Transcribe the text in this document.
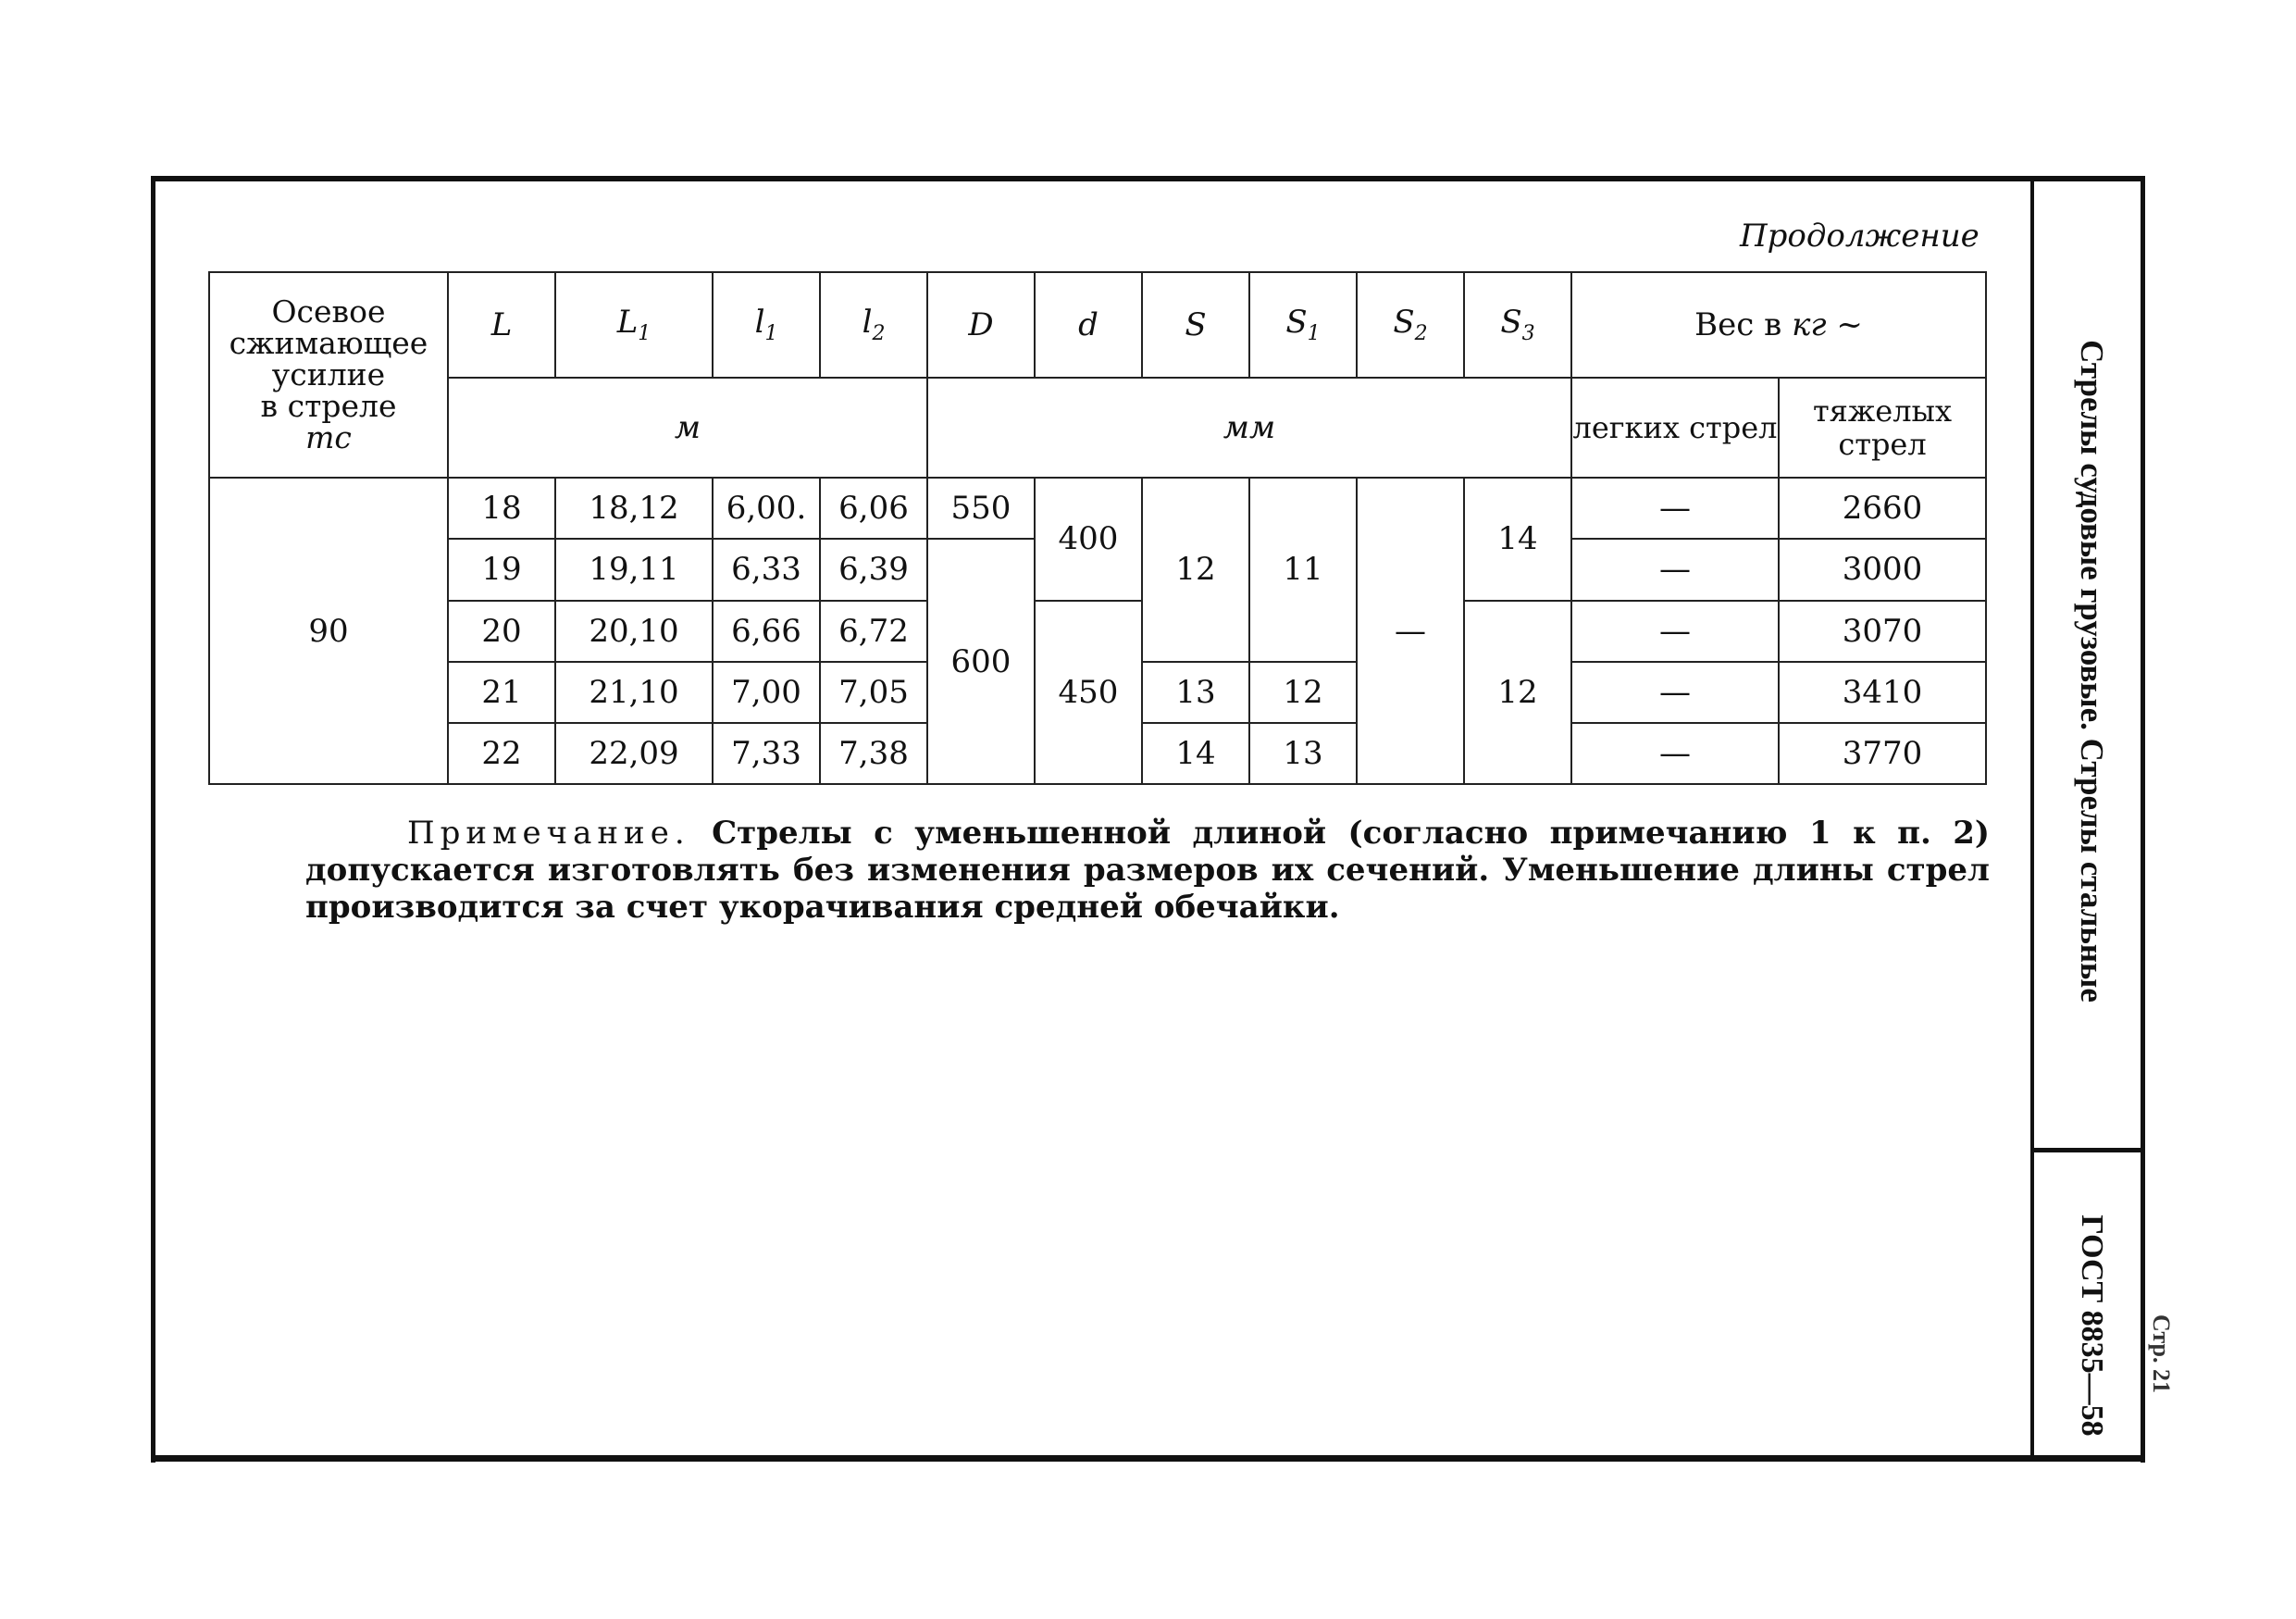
Стрелы судовые грузовые. Стрелы стальные
ГОСТ 8835—58 Стр. 21
Продолжение
Осевое
сжимающее
усилие
в стреле
тс	L	$L_1$	$l_1$	$l_2$	D	d	S	$S_1$	$S_2$	$S_3$	Вес в кг ~	
	м				мм						легких стрел	тяжелых стрел
90	18	18,12	6,00.	6,06	550	400	12	11	—	14	—	2660
	19	19,11	6,33	6,39	600						—	3000
	20	20,10	6,66	6,72		450				12	—	3070
	21	21,10	7,00	7,05			13	12			—	3410
	22	22,09	7,33	7,38			14	13			—	3770
Примечание. Стрелы с уменьшенной длиной (согласно примечанию 1 к п. 2) допускается изготовлять без изменения размеров их сечений. Уменьшение длины стрел производится за счет укорачивания средней обечайки.
